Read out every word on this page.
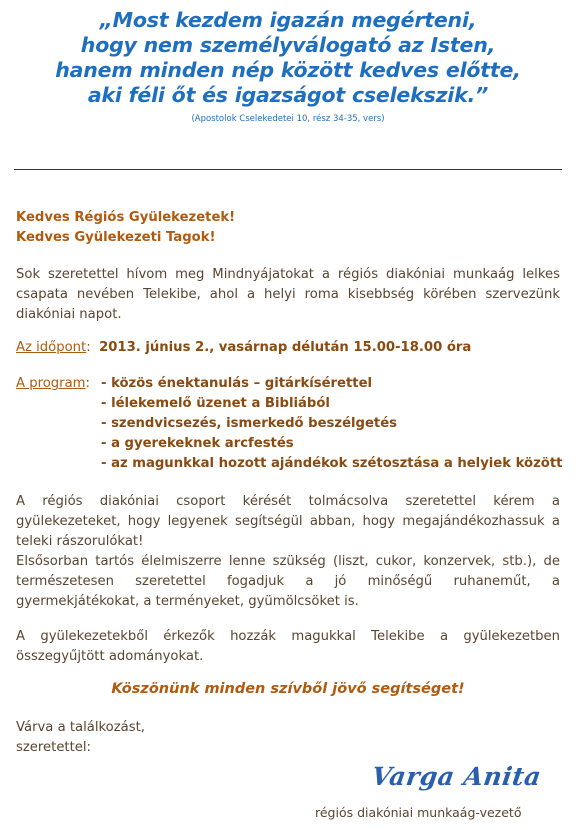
„Most kezdem igazán megérteni,
hogy nem személyválogató az Isten,
hanem minden nép között kedves előtte,
aki féli őt és igazságot cselekszik.”
(Apostolok Cselekedetei 10, rész 34-35, vers)
Kedves Régiós Gyülekezetek!
Kedves Gyülekezeti Tagok!
Sok szeretettel hívom meg Mindnyájatokat a régiós diakóniai munkaág lelkes csapata nevében Telekibe, ahol a helyi roma kisebbség körében szervezünk diakóniai napot.
Az időpont: 2013. június 2., vasárnap délután 15.00-18.00 óra
A program: - közös énektanulás – gitárkísérettel
- lélekemelő üzenet a Bibliából
- szendvicsezés, ismerkedő beszélgetés
- a gyerekeknek arcfestés
- az magunkkal hozott ajándékok szétosztása a helyiek között
A régiós diakóniai csoport kérését tolmácsolva szeretettel kérem a gyülekezeteket, hogy legyenek segítségül abban, hogy megajándékozhassuk a teleki rászorulókat!
Elsősorban tartós élelmiszerre lenne szükség (liszt, cukor, konzervek, stb.), de természetesen szeretettel fogadjuk a jó minőségű ruhaneműt, a gyermekjátékokat, a terményeket, gyümölcsöket is.
A gyülekezetekből érkezők hozzák magukkal Telekibe a gyülekezetben összegyűjtött adományokat.
Köszönünk minden szívből jövő segítséget!
Várva a találkozást,
szeretettel:
Varga Anita
régiós diakóniai munkaág-vezető
